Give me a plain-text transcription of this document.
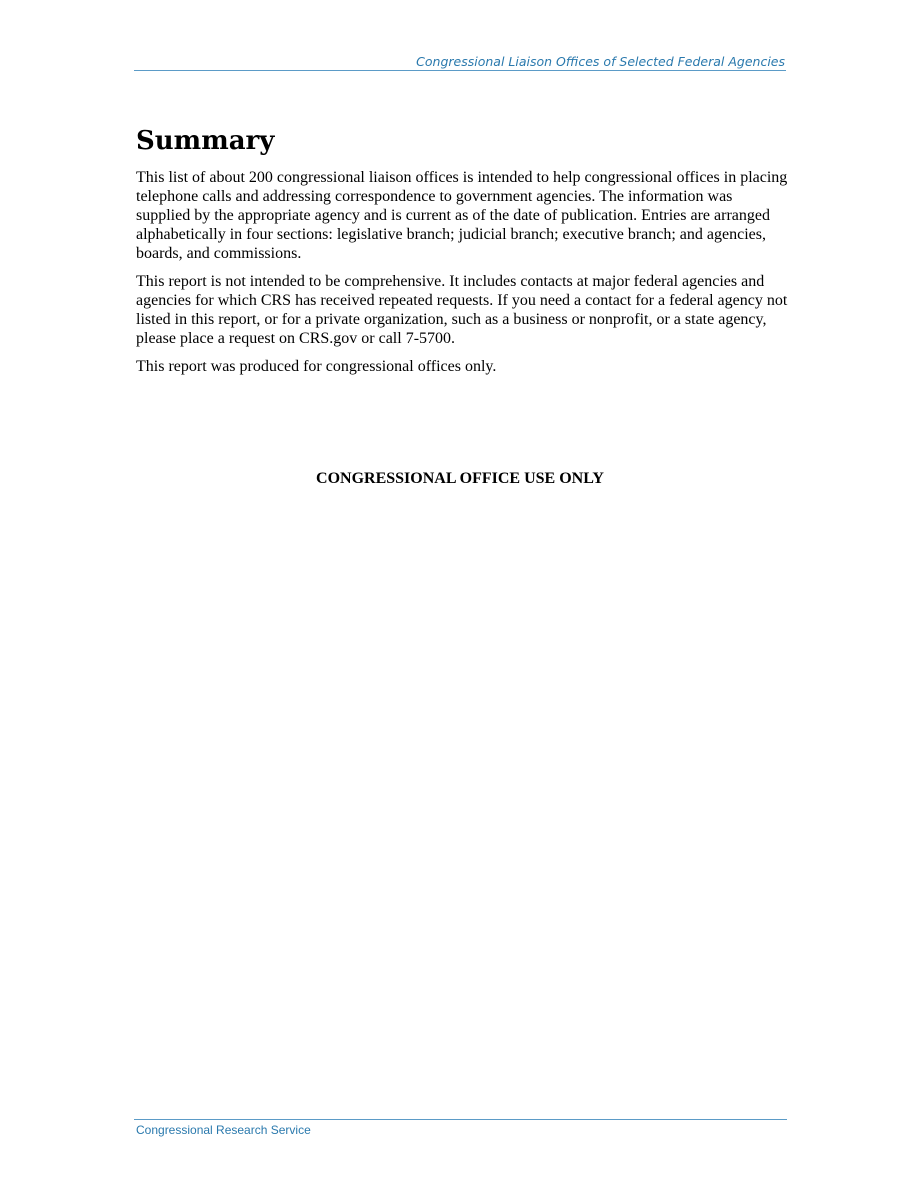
Congressional Liaison Offices of Selected Federal Agencies
Summary

This list of about 200 congressional liaison offices is intended to help congressional offices in placing telephone calls and addressing correspondence to government agencies. The information was supplied by the appropriate agency and is current as of the date of publication. Entries are arranged alphabetically in four sections: legislative branch; judicial branch; executive branch; and agencies, boards, and commissions.

This report is not intended to be comprehensive. It includes contacts at major federal agencies and agencies for which CRS has received repeated requests. If you need a contact for a federal agency not listed in this report, or for a private organization, such as a business or nonprofit, or a state agency, please place a request on CRS.gov or call 7-5700.

This report was produced for congressional offices only.

CONGRESSIONAL OFFICE USE ONLY
Congressional Research Service
